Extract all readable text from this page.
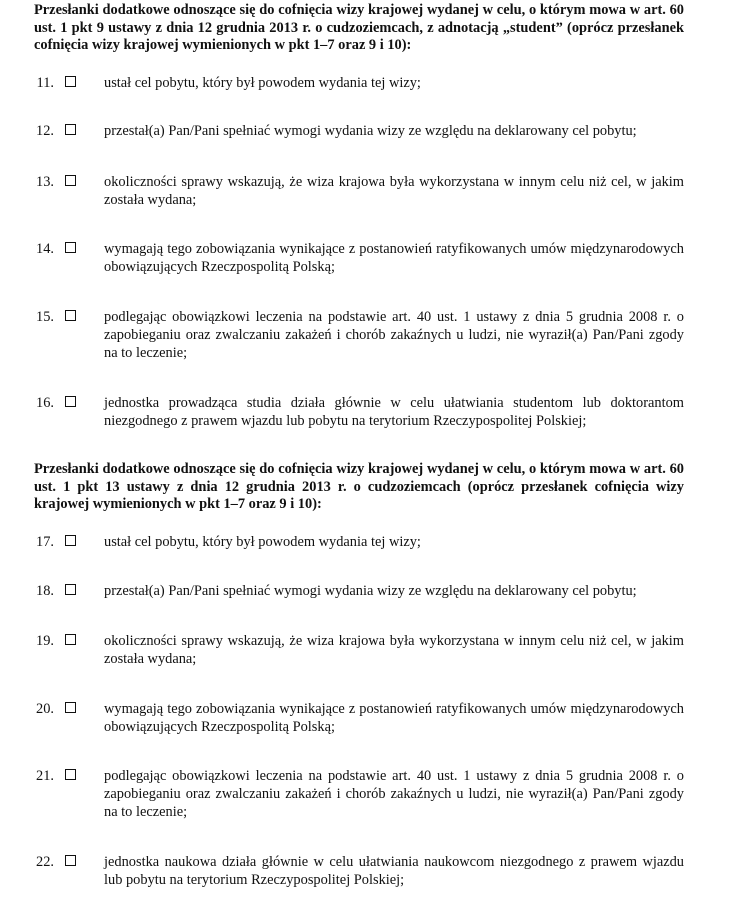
Przesłanki dodatkowe odnoszące się do cofnięcia wizy krajowej wydanej w celu, o którym mowa w art. 60 ust. 1 pkt 9 ustawy z dnia 12 grudnia 2013 r. o cudzoziemcach, z adnotacją „student” (oprócz przesłanek cofnięcia wizy krajowej wymienionych w pkt 1–7 oraz 9 i 10):
11.	ustał cel pobytu, który był powodem wydania tej wizy;
12.	przestał(a) Pan/Pani spełniać wymogi wydania wizy ze względu na deklarowany cel pobytu;
13.	okoliczności sprawy wskazują, że wiza krajowa była wykorzystana w innym celu niż cel, w jakim została wydana;
14.	wymagają tego zobowiązania wynikające z postanowień ratyfikowanych umów międzynarodowych obowiązujących Rzeczpospolitą Polską;
15.	podlegając obowiązkowi leczenia na podstawie art. 40 ust. 1 ustawy z dnia 5 grudnia 2008 r. o zapobieganiu oraz zwalczaniu zakażeń i chorób zakaźnych u ludzi, nie wyraził(a) Pan/Pani zgody na to leczenie;
16.	jednostka prowadząca studia działa głównie w celu ułatwiania studentom lub doktorantom niezgodnego z prawem wjazdu lub pobytu na terytorium Rzeczypospolitej Polskiej;
Przesłanki dodatkowe odnoszące się do cofnięcia wizy krajowej wydanej w celu, o którym mowa w art. 60 ust. 1 pkt 13 ustawy z dnia 12 grudnia 2013 r. o cudzoziemcach (oprócz przesłanek cofnięcia wizy krajowej wymienionych w pkt 1–7 oraz 9 i 10):
17.	ustał cel pobytu, który był powodem wydania tej wizy;
18.	przestał(a) Pan/Pani spełniać wymogi wydania wizy ze względu na deklarowany cel pobytu;
19.	okoliczności sprawy wskazują, że wiza krajowa była wykorzystana w innym celu niż cel, w jakim została wydana;
20.	wymagają tego zobowiązania wynikające z postanowień ratyfikowanych umów międzynarodowych obowiązujących Rzeczpospolitą Polską;
21.	podlegając obowiązkowi leczenia na podstawie art. 40 ust. 1 ustawy z dnia 5 grudnia 2008 r. o zapobieganiu oraz zwalczaniu zakażeń i chorób zakaźnych u ludzi, nie wyraził(a) Pan/Pani zgody na to leczenie;
22.	jednostka naukowa działa głównie w celu ułatwiania naukowcom niezgodnego z prawem wjazdu lub pobytu na terytorium Rzeczypospolitej Polskiej;
